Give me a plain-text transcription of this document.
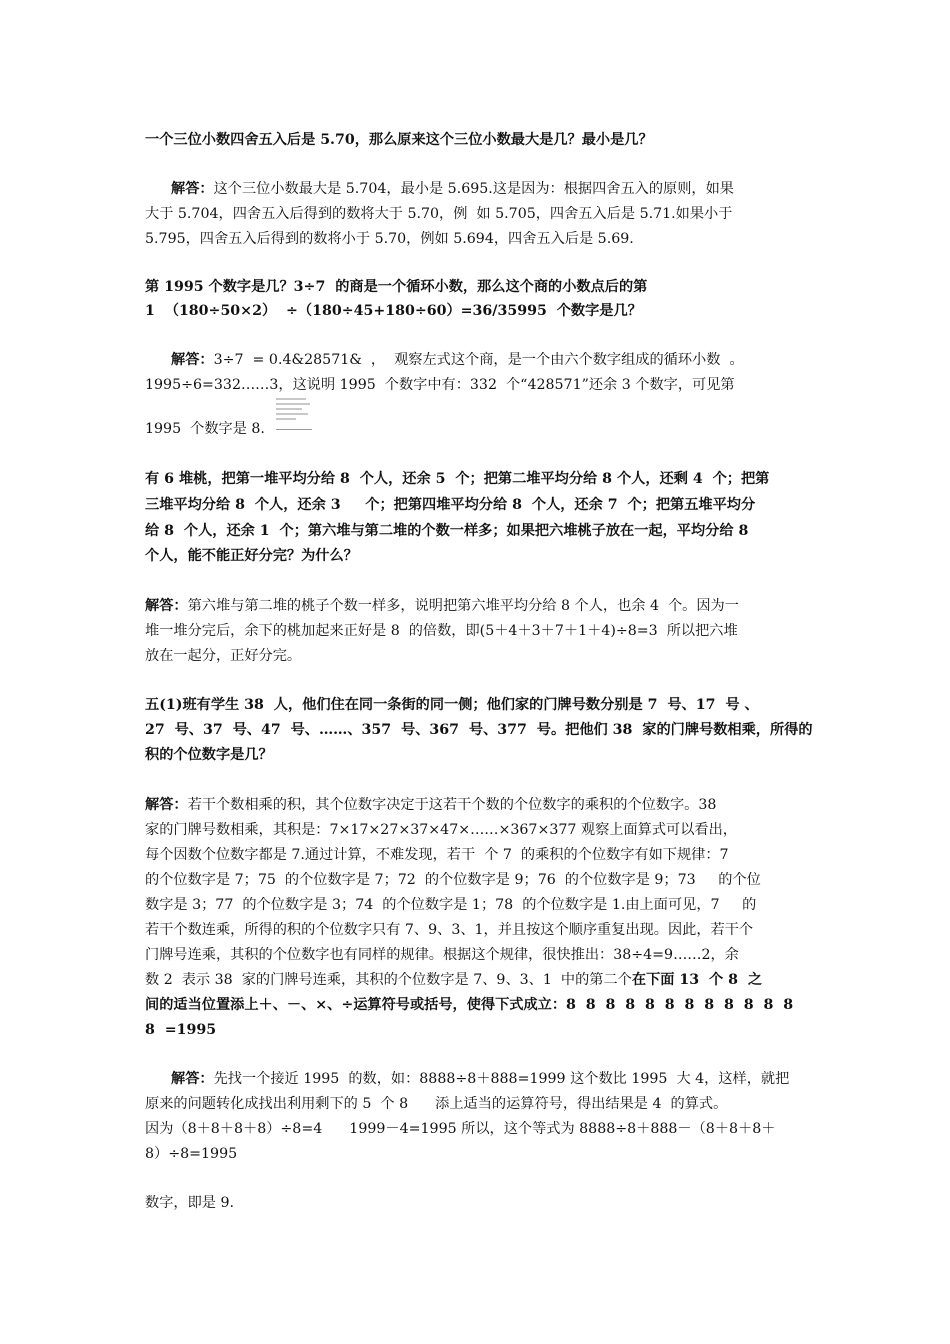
一个三位小数四舍五入后是 5.70，那么原来这个三位小数最大是几？最小是几？
解答：这个三位小数最大是 5.704，最小是 5.695.这是因为：根据四舍五入的原则，如果
大于 5.704，四舍五入后得到的数将大于 5.70，例  如 5.705，四舍五入后是 5.71.如果小于
5.795，四舍五入后得到的数将小于 5.70，例如 5.694，四舍五入后是 5.69.
第 1995 个数字是几？3÷7  的商是一个循环小数，那么这个商的小数点后的第
1  （180÷50×2）  ÷（180÷45+180÷60）=36/35995  个数字是几？
解答：3÷7  = 0.4&28571&  ，  观察左式这个商，是一个由六个数字组成的循环小数  。
1995÷6=332……3，这说明 1995  个数字中有：332  个“428571”还余 3 个数字，可见第
1995  个数字是 8.
有 6 堆桃，把第一堆平均分给 8  个人，还余 5  个；把第二堆平均分给 8 个人，还剩 4  个；把第
三堆平均分给 8  个人，还余 3     个；把第四堆平均分给 8  个人，还余 7  个；把第五堆平均分
给 8  个人，还余 1  个；第六堆与第二堆的个数一样多；如果把六堆桃子放在一起，平均分给 8
个人，能不能正好分完？为什么？
解答：第六堆与第二堆的桃子个数一样多，说明把第六堆平均分给 8 个人，也余 4  个。因为一
堆一堆分完后，余下的桃加起来正好是 8  的倍数，即(5＋4＋3＋7＋1＋4)÷8=3  所以把六堆
放在一起分，正好分完。
五(1)班有学生 38  人，他们住在同一条街的同一侧；他们家的门牌号数分别是 7  号、17  号 、
27  号、37  号、47  号、……、357  号、367  号、377  号。把他们 38  家的门牌号数相乘，所得的
积的个位数字是几？
解答：若干个数相乘的积，其个位数字决定于这若干个数的个位数字的乘积的个位数字。38
家的门牌号数相乘，其积是：7×17×27×37×47×……×367×377 观察上面算式可以看出，
每个因数个位数字都是 7.通过计算，不难发现，若干  个 7  的乘积的个位数字有如下规律：7
的个位数字是 7；75  的个位数字是 7；72  的个位数字是 9；76  的个位数字是 9；73     的个位
数字是 3；77  的个位数字是 3；74  的个位数字是 1；78  的个位数字是 1.由上面可见，7     的
若干个数连乘，所得的积的个位数字只有 7、9、3、1，并且按这个顺序重复出现。因此，若干个
门牌号连乘，其积的个位数字也有同样的规律。根据这个规律，很快推出：38÷4=9……2，余
数 2  表示 38  家的门牌号连乘，其积的个位数字是 7、9、3、1  中的第二个在下面 13  个 8  之
间的适当位置添上＋、－、×、÷运算符号或括号，使得下式成立：8  8  8  8  8  8  8  8  8  8  8  8
8  =1995
解答：先找一个接近 1995  的数，如：8888÷8＋888=1999 这个数比 1995  大 4，这样，就把
原来的问题转化成找出利用剩下的 5  个 8      添上适当的运算符号，得出结果是 4  的算式。
因为（8＋8＋8＋8）÷8=4      1999－4=1995 所以，这个等式为 8888÷8＋888－（8＋8＋8＋
8）÷8=1995
数字，即是 9.
